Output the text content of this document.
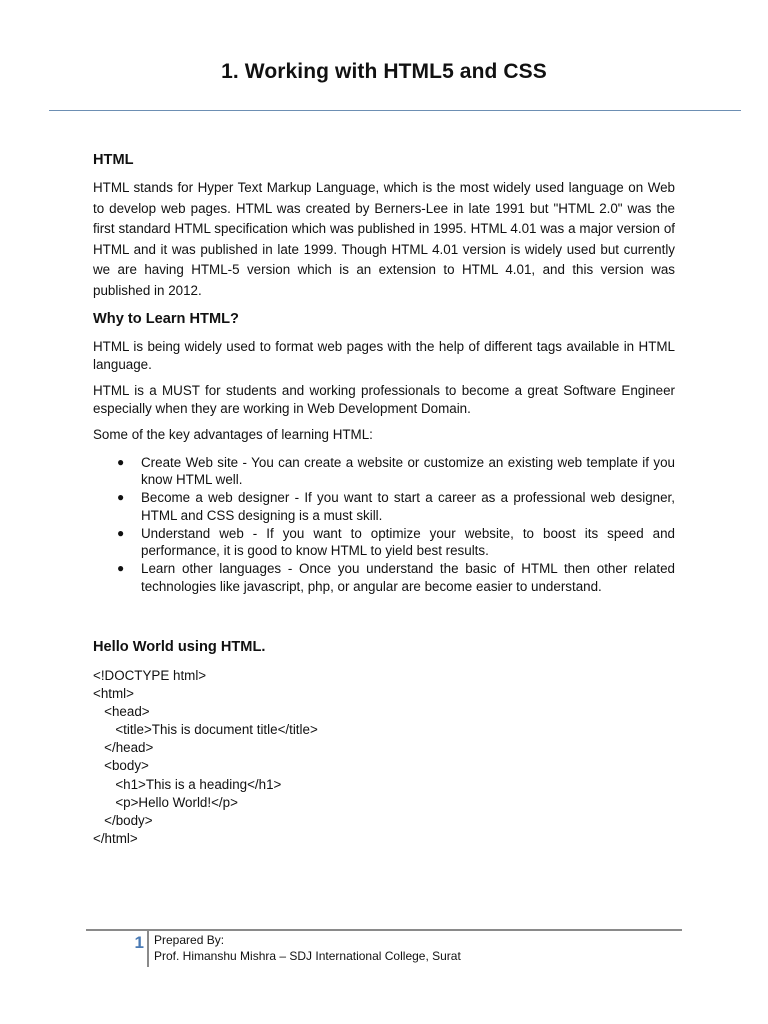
1. Working with HTML5 and CSS
HTML

HTML stands for Hyper Text Markup Language, which is the most widely used language on Web to develop web pages. HTML was created by Berners-Lee in late 1991 but "HTML 2.0" was the first standard HTML specification which was published in 1995. HTML 4.01 was a major version of HTML and it was published in late 1999. Though HTML 4.01 version is widely used but currently we are having HTML-5 version which is an extension to HTML 4.01, and this version was published in 2012.

Why to Learn HTML?

HTML is being widely used to format web pages with the help of different tags available in HTML language.

HTML is a MUST for students and working professionals to become a great Software Engineer especially when they are working in Web Development Domain.

Some of the key advantages of learning HTML:

● Create Web site - You can create a website or customize an existing web template if you know HTML well.
● Become a web designer - If you want to start a career as a professional web designer, HTML and CSS designing is a must skill.
● Understand web - If you want to optimize your website, to boost its speed and performance, it is good to know HTML to yield best results.
● Learn other languages - Once you understand the basic of HTML then other related technologies like javascript, php, or angular are become easier to understand.
Hello World using HTML.
<!DOCTYPE html>
<html>
<head>
<title>This is document title</title>
</head>
<body>
<h1>This is a heading</h1>
<p>Hello World!</p>
</body>
</html>
1 Prepared By:
Prof. Himanshu Mishra – SDJ International College, Surat
